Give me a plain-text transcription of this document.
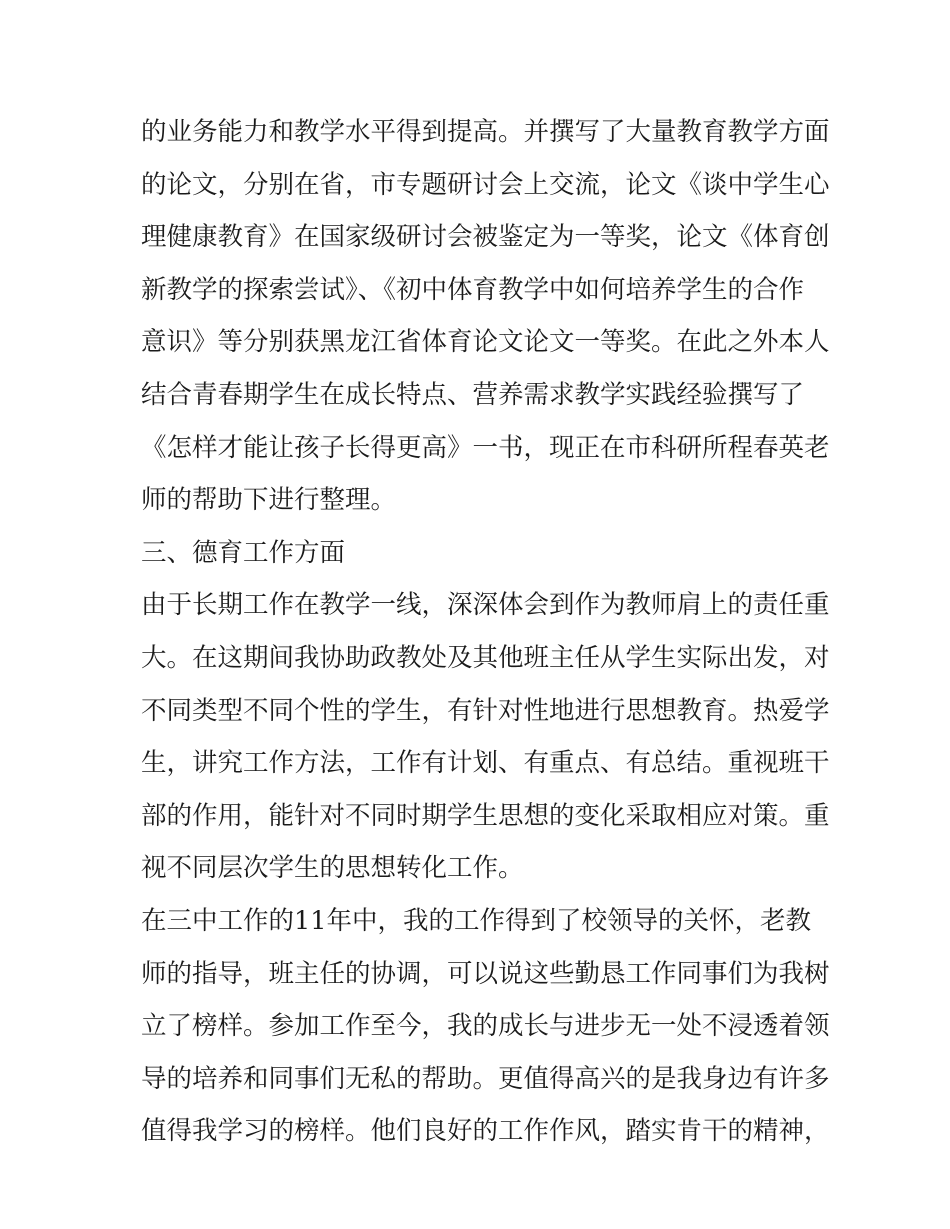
的业务能力和教学水平得到提高。并撰写了大量教育教学方面
的论文，分别在省，市专题研讨会上交流，论文《谈中学生心
理健康教育》在国家级研讨会被鉴定为一等奖，论文《体育创
新教学的探索尝试》、《初中体育教学中如何培养学生的合作
意识》等分别获黑龙江省体育论文论文一等奖。在此之外本人
结合青春期学生在成长特点、营养需求教学实践经验撰写了
《怎样才能让孩子长得更高》一书，现正在市科研所程春英老
师的帮助下进行整理。
三、德育工作方面
由于长期工作在教学一线，深深体会到作为教师肩上的责任重
大。在这期间我协助政教处及其他班主任从学生实际出发，对
不同类型不同个性的学生，有针对性地进行思想教育。热爱学
生，讲究工作方法，工作有计划、有重点、有总结。重视班干
部的作用，能针对不同时期学生思想的变化采取相应对策。重
视不同层次学生的思想转化工作。
在三中工作的11年中，我的工作得到了校领导的关怀，老教
师的指导，班主任的协调，可以说这些勤恳工作同事们为我树
立了榜样。参加工作至今，我的成长与进步无一处不浸透着领
导的培养和同事们无私的帮助。更值得高兴的是我身边有许多
值得我学习的榜样。他们良好的工作作风，踏实肯干的精神，
